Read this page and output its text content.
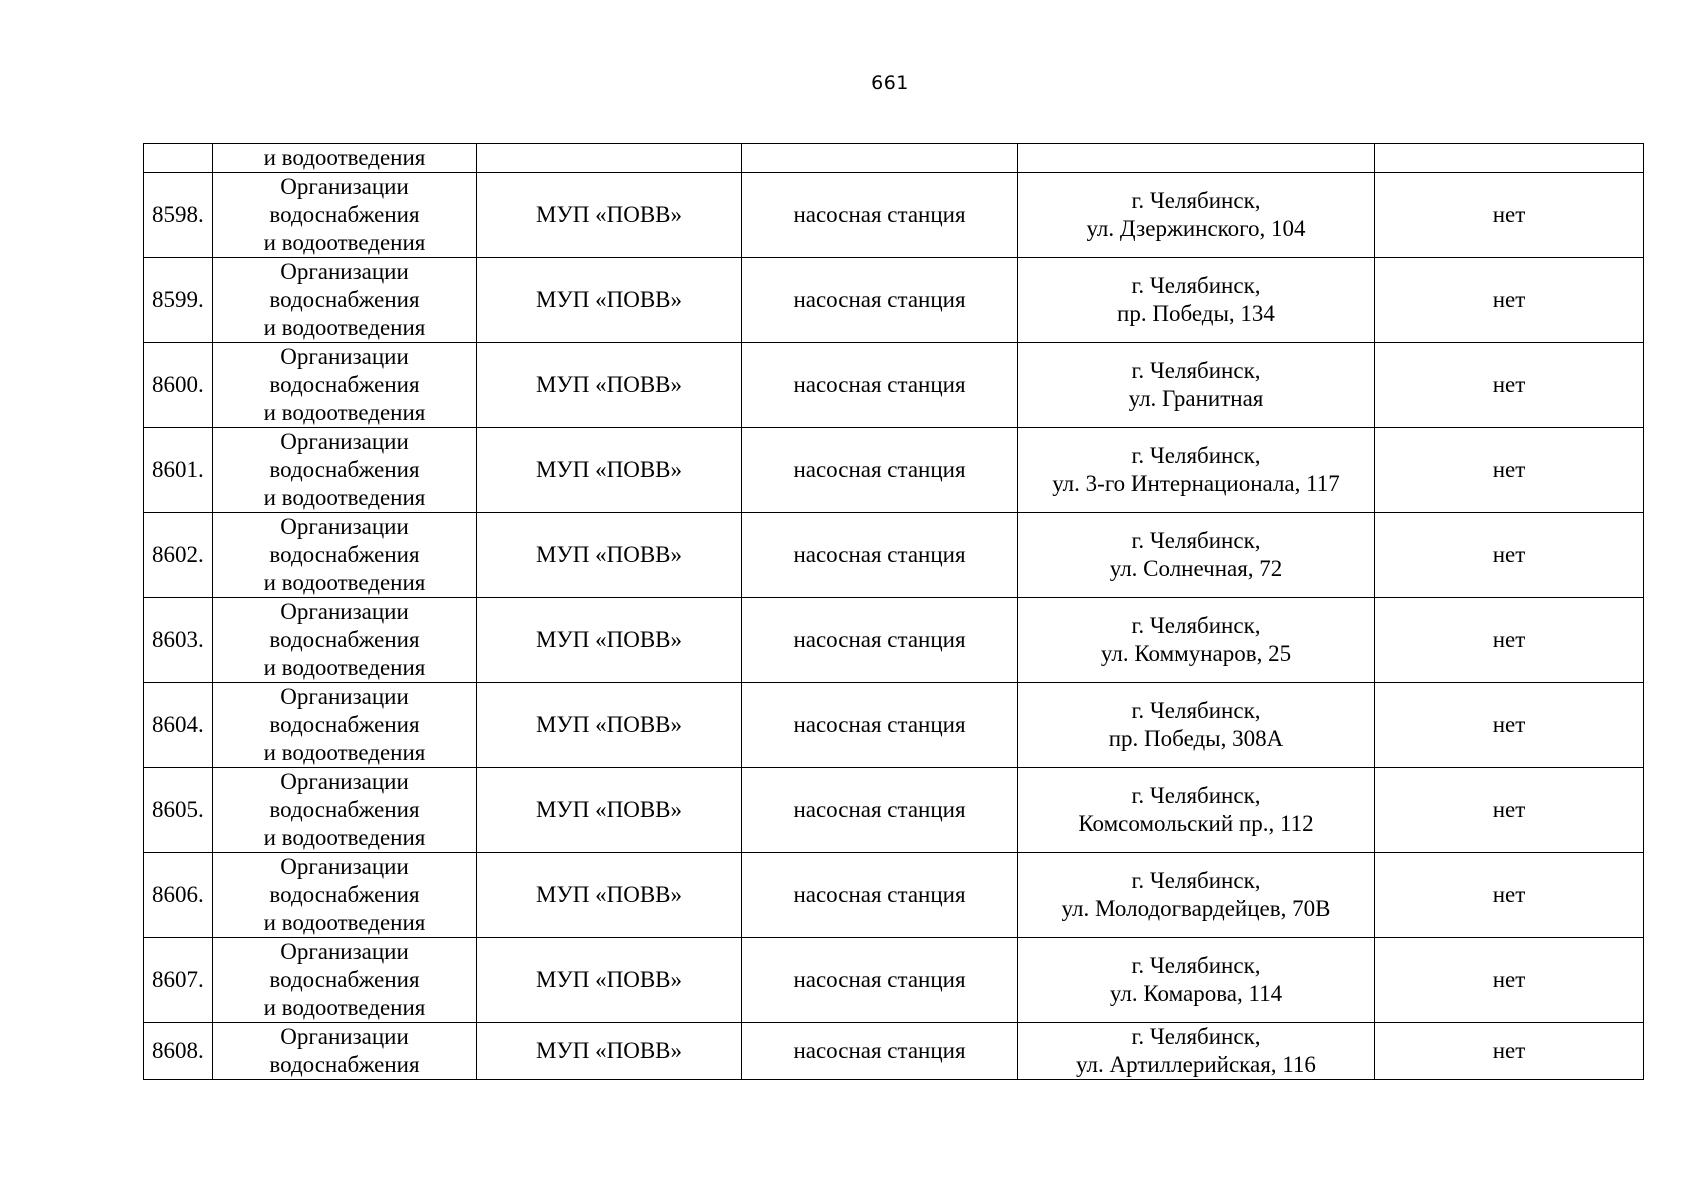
661
	и водоотведения				
8598.	Организации
водоснабжения
и водоотведения	МУП «ПОВВ»	насосная станция	г. Челябинск,
ул. Дзержинского, 104	нет
8599.	Организации
водоснабжения
и водоотведения	МУП «ПОВВ»	насосная станция	г. Челябинск,
пр. Победы, 134	нет
8600.	Организации
водоснабжения
и водоотведения	МУП «ПОВВ»	насосная станция	г. Челябинск,
ул. Гранитная	нет
8601.	Организации
водоснабжения
и водоотведения	МУП «ПОВВ»	насосная станция	г. Челябинск,
ул. 3-го Интернационала, 117	нет
8602.	Организации
водоснабжения
и водоотведения	МУП «ПОВВ»	насосная станция	г. Челябинск,
ул. Солнечная, 72	нет
8603.	Организации
водоснабжения
и водоотведения	МУП «ПОВВ»	насосная станция	г. Челябинск,
ул. Коммунаров, 25	нет
8604.	Организации
водоснабжения
и водоотведения	МУП «ПОВВ»	насосная станция	г. Челябинск,
пр. Победы, 308А	нет
8605.	Организации
водоснабжения
и водоотведения	МУП «ПОВВ»	насосная станция	г. Челябинск,
Комсомольский пр., 112	нет
8606.	Организации
водоснабжения
и водоотведения	МУП «ПОВВ»	насосная станция	г. Челябинск,
ул. Молодогвардейцев, 70В	нет
8607.	Организации
водоснабжения
и водоотведения	МУП «ПОВВ»	насосная станция	г. Челябинск,
ул. Комарова, 114	нет
8608.	Организации
водоснабжения	МУП «ПОВВ»	насосная станция	г. Челябинск,
ул. Артиллерийская, 116	нет
